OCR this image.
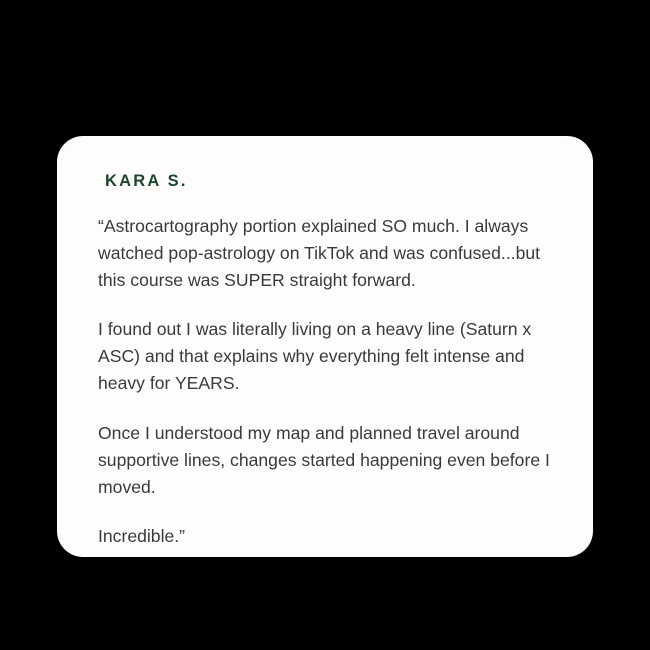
KARA S.

“Astrocartography portion explained SO much. I always watched pop-astrology on TikTok and was confused...but this course was SUPER straight forward.

I found out I was literally living on a heavy line (Saturn x ASC) and that explains why everything felt intense and heavy for YEARS.

Once I understood my map and planned travel around supportive lines, changes started happening even before I moved.

Incredible.”
